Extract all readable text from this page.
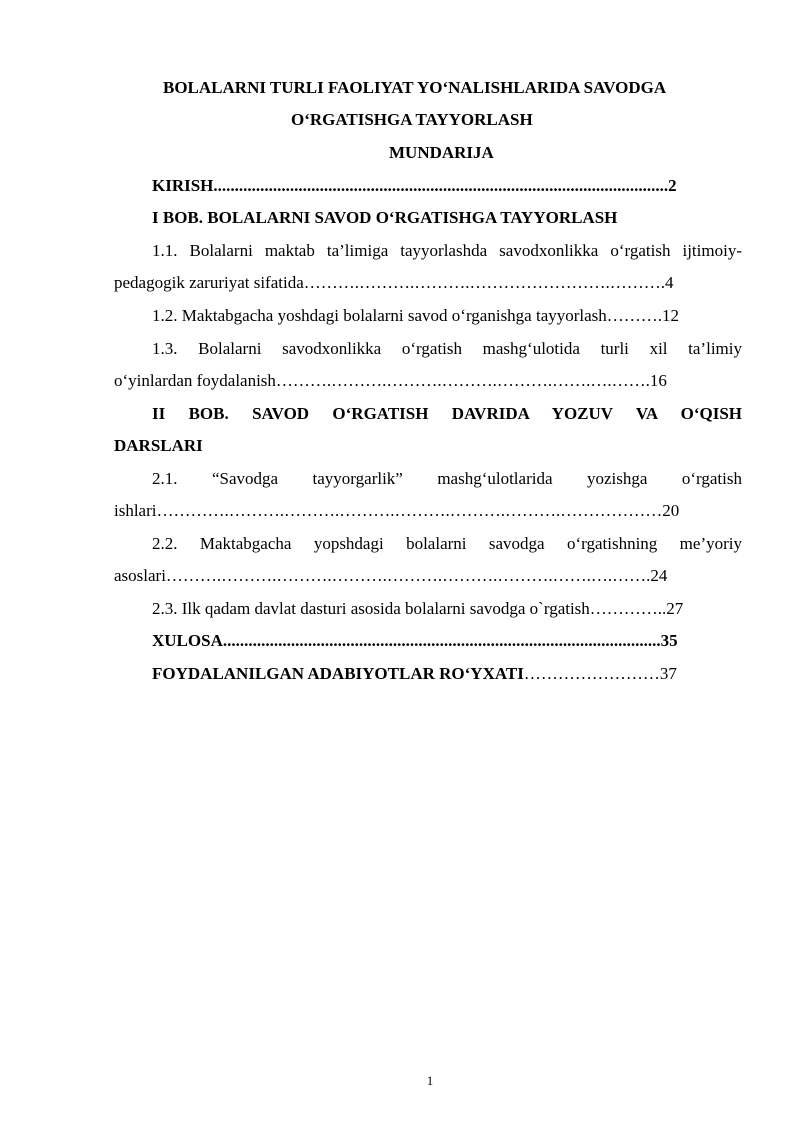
BOLALARNI TURLI FAOLIYAT YO‘NALISHLARIDA SAVODGA
O‘RGATISHGA TAYYORLASH
MUNDARIJA
KIRISH...........................................................................................................2
I BOB. BOLALARNI SAVOD O‘RGATISHGA TAYYORLASH
1.1. Bolalarni maktab ta’limiga tayyorlashda savodxonlikka o‘rgatish ijtimoiy-
pedagogik zaruriyat sifatida……….……….……….…………………….……….4
1.2. Maktabgacha yoshdagi bolalarni savod o‘rganishga tayyorlash……….12
1.3. Bolalarni savodxonlikka o‘rgatish mashg‘ulotida turli xil ta’limiy
o‘yinlardan foydalanish……….……….……….……….……….…….….…….16
II BOB. SAVOD O‘RGATISH DAVRIDA YOZUV VA O‘QISH
DARSLARI
2.1. “Savodga tayyorgarlik” mashg‘ulotlarida yozishga o‘rgatish
ishlari………….……….……….……….……….……….……….………………20
2.2. Maktabgacha yopshdagi bolalarni savodga o‘rgatishning me’yoriy
asoslari……….……….……….……….……….……….……….…….….…….24
2.3. Ilk qadam davlat dasturi asosida bolalarni savodga o`rgatish…………..27
XULOSA.......................................................................................................35
FOYDALANILGAN ADABIYOTLAR RO‘YXATI……………………37
1
